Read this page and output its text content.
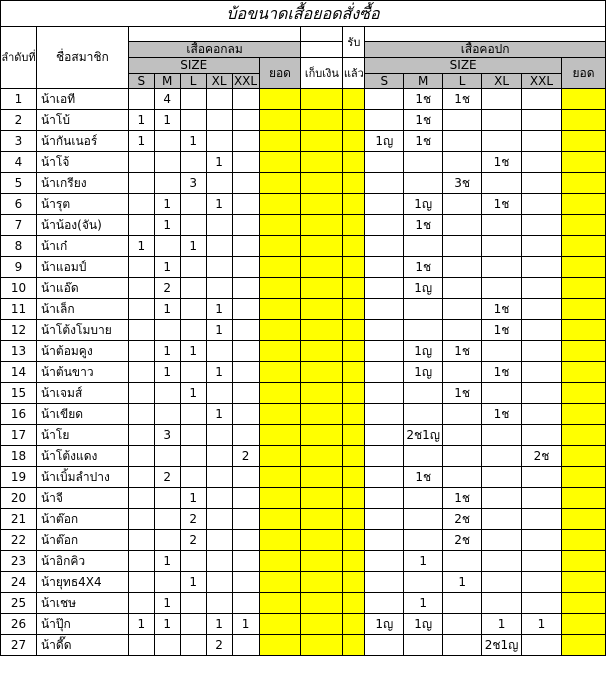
บ้อขนาดเสื้อยอดสั่งซื้อ															
ลำดับที่	ชื่อสมาชิก								รับ						
		เสื้อคอกลม								เสื้อคอปก					
		SIZE					ยอด	เก็บเงิน	แล้ว	SIZE					ยอด
		S	M	L	XL	XXL				S	M	L	XL	XXL	
1	น้าเอที		4								1ช	1ช			
2	น้าโบ้	1	1								1ช				
3	น้ากันเนอร์	1		1						1ญ	1ช				
4	น้าโจ้				1								1ช		
5	น้าเกรียง			3								3ช			
6	น้ารุต		1		1						1ญ		1ช		
7	น้าน้อง(จัน)		1								1ช				
8	น้าเก๋	1		1											
9	น้าแอมป์		1								1ช				
10	น้าแอ๊ด		2								1ญ				
11	น้าเล็ก		1		1								1ช		
12	น้าโต้งโมบาย				1								1ช		
13	น้าต้อมคูง		1	1							1ญ	1ช			
14	น้าต้นขาว		1		1						1ญ		1ช		
15	น้าเจมส์			1								1ช			
16	น้าเขียด				1								1ช		
17	น้าโย		3								2ช1ญ				
18	น้าโต้งแดง					2								2ช	
19	น้าเบิ้มลำปาง		2								1ช				
20	น้าจี			1								1ช			
21	น้าต๊อก			2								2ช			
22	น้าต๊อก			2								2ช			
23	น้าอิกคิว		1								1				
24	น้ายุทธ4X4			1								1			
25	น้าเชษ		1								1				
26	น้าปุ๊ก	1	1		1	1				1ญ	1ญ		1	1	
27	น้าดี๊ด				2								2ช1ญ		
